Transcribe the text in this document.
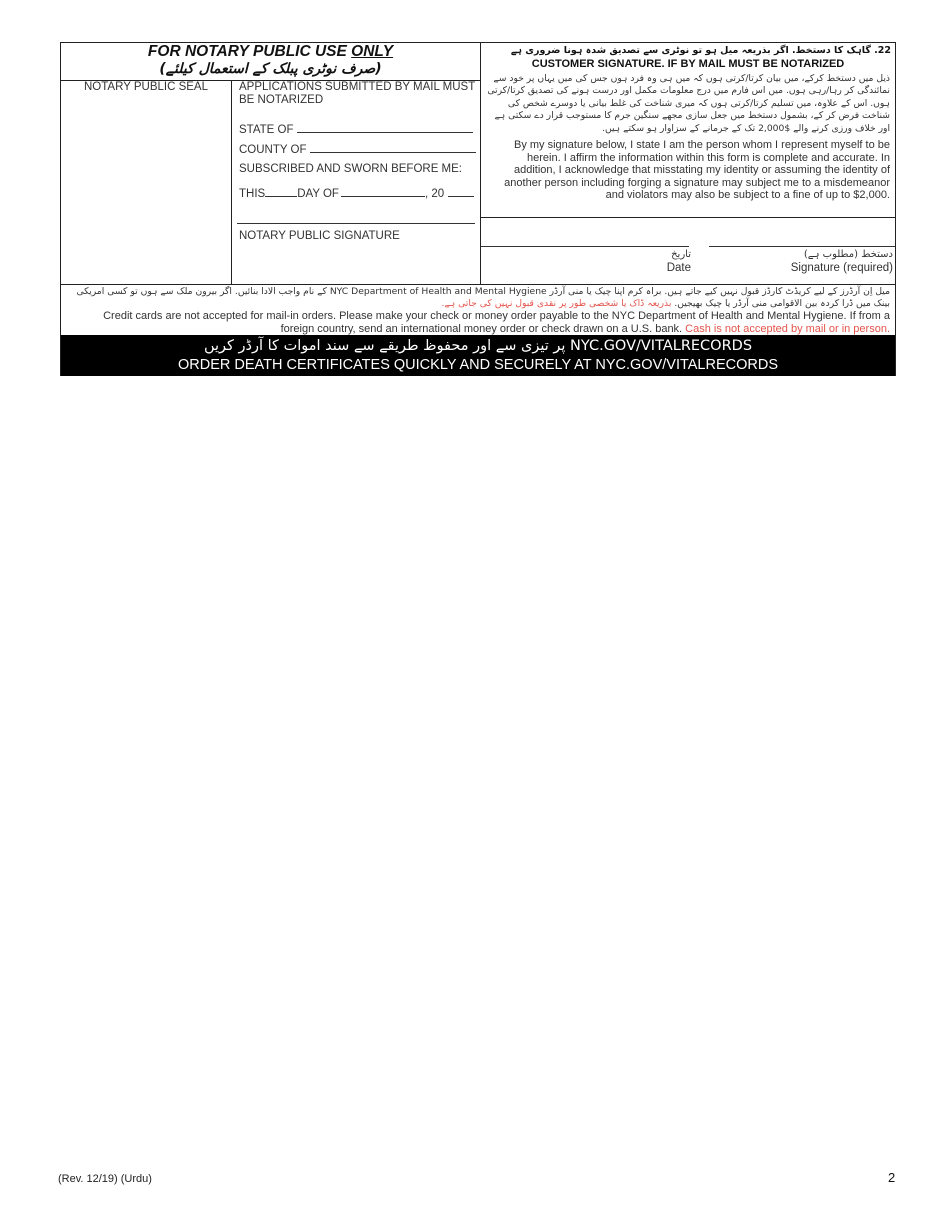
FOR NOTARY PUBLIC USE ONLY
(صرف نوٹری پبلک کے استعمال کیلئے)
NOTARY PUBLIC SEAL	APPLICATIONS SUBMITTED BY MAIL MUST BE NOTARIZED
STATE OF
COUNTY OF
SUBSCRIBED AND SWORN BEFORE ME:
THIS	DAY OF	, 20
NOTARY PUBLIC SIGNATURE
22. گاہک کا دستخط. اگر بذریعہ میل ہو تو نوٹری سے تصدیق شدہ ہونا ضروری ہے
CUSTOMER SIGNATURE. IF BY MAIL MUST BE NOTARIZED
ذیل میں دستخط کرکے، میں بیان کرتا/کرتی ہوں کہ میں ہی وہ فرد ہوں جس کی میں یہاں پر خود سے نمائندگی کر رہا/رہی ہوں. میں اس فارم میں درج معلومات مکمل اور درست ہونے کی تصدیق کرتا/کرتی ہوں. اس کے علاوہ، میں تسلیم کرتا/کرتی ہوں کہ میری شناخت کی غلط بیانی یا دوسرے شخص کی شناخت فرض کر کے، بشمول دستخط میں جعل سازی مجھے سنگین جرم کا مستوجب قرار دے سکتی ہے اور خلاف ورزی کرنے والے $2,000 تک کے جرمانے کے سزاوار ہو سکتے ہیں.
By my signature below, I state I am the person whom I represent myself to be herein. I affirm the information within this form is complete and accurate. In addition, I acknowledge that misstating my identity or assuming the identity of another person including forging a signature may subject me to a misdemeanor and violators may also be subject to a fine of up to $2,000.
تاریخ
Date
دستخط (مطلوب ہے)
Signature (required)
میل اِن آرڈرز کے لیے کریڈٹ کارڈز قبول نہیں کیے جاتے ہیں. براہ کرم اپنا چیک یا منی آرڈر NYC Department of Health and Mental Hygiene کے نام واجب الادا بنائیں. اگر بیرون ملک سے ہوں تو کسی امریکی بینک میں ڈرا کردہ بین الاقوامی منی آرڈر یا چیک بھیجیں. بذریعہ ڈاک یا شخصی طور پر نقدی قبول نہیں کی جاتی ہے.
Credit cards are not accepted for mail-in orders. Please make your check or money order payable to the NYC Department of Health and Mental Hygiene. If from a foreign country, send an international money order or check drawn on a U.S. bank. Cash is not accepted by mail or in person.
NYC.GOV/VITALRECORDS پر تیزی سے اور محفوظ طریقے سے سند اموات کا آرڈر کریں
ORDER DEATH CERTIFICATES QUICKLY AND SECURELY AT NYC.GOV/VITALRECORDS
(Rev. 12/19) (Urdu)	2
